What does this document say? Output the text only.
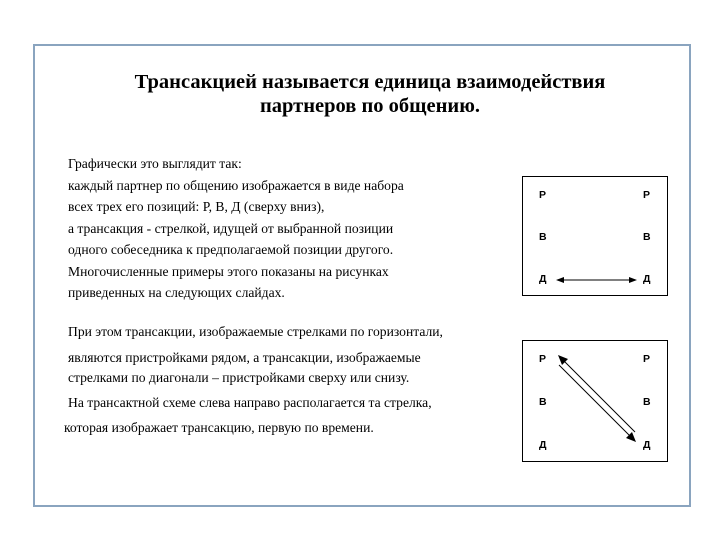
Трансакцией называется единица взаимодействия
партнеров по общению.
Графически это выглядит так:
каждый партнер по общению изображается в виде набора
всех трех его позиций: Р, В, Д (сверху вниз),
а трансакция - стрелкой, идущей от выбранной позиции
одного собеседника к предполагаемой позиции другого.
Многочисленные примеры этого показаны на рисунках
приведенных на следующих слайдах.
При этом трансакции, изображаемые стрелками по горизонтали,
являются пристройками рядом, а трансакции, изображаемые
стрелками по диагонали – пристройками сверху или снизу.
На трансактной схеме слева направо располагается та стрелка,
которая изображает трансакцию, первую по времени.
Р
В
Д
Р
В
Д
Р
В
Д
Р
В
Д
